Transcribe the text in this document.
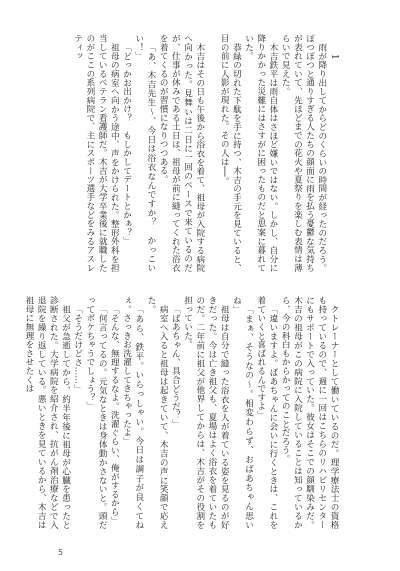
1

雨が降り出してからどのくらいの時間が経ったのだろう。ぽつぽつと通りすぎる人たちの顔面に雨を払う憂鬱な気持ちが表れていて、先ほどまでの花火や夏祭りを楽しむ表情は薄らいで見えた。

木吉鉄平は雨自体はさほど嫌いではない。しかし、自分に降りかかった災難にはさすがに困ったものだと思案に暮れていた。

恭緑の切れた下駄を手に持つ、木吉の手元を見ていると、目の前に人影が現れた。その人は──。

木吉はその日も午後から浴衣を着て、祖母が入院する病院へ向かった。見舞いは二日に一回のペースで来ているのだが、仕事が休みである土日は、祖母が前に縫ってくれた浴衣を着てくるのが習慣になりつつある。

「あ、木吉先生〜、今日は浴衣なんですか？　かっこいい！」

「どっかお出かけ？　もしかしてデートとかぁ？」

祖母の病室へ向かう途中、声をかけられた。整形外科を担当しているベテラン看護師だ。木吉が大学卒業後に就職したのがここの系列病院で、主にスポーツ選手などをみるアスレティッ

クトレーナーとして働いているのだ。理学療法士の資格も持っているので、週に一回はこちらのリハビリセンターにもサポートで入っていた。彼女はそこでの顔馴染みだ。木吉の祖母がこの病院に入院していることは知っているから、今の科白もからかってのことだろう。

「違いますよ。ばあちゃんに会いに行くときは、これを着ていくと喜ばれるんですよ」

「まぁ、そうなの〜。相変わらず、おばあちゃん思いね」

祖母は自分で縫った浴衣を人が着ている姿を見るのが好きだった。今は亡き祖父も、夏場はよく浴衣を着ていたものだ。二年前に祖父が他界してからは、木吉がその役割を担っていた。

「ばあちゃん、具合どうだ？」

病室へ入ると祖母は起きていて、木吉の声に笑顔で応えた。

「あら、鉄平。いらっしゃい。今日は調子が良くてねぇ。さっきお洗濯してきちゃったよ」

「そんな、無理するなよ。洗濯ぐらい、俺がするから」

「何言ってるの。元気なときは身体動かさないと。頭だってボケちゃうでしょう？」

「そうだけどさ……」

祖父が急逝してから、約半年後に祖母が心臓を患ったと診断された。大学病院を紹介され、抗がん剤治療などで入退院を繰り返している。悪いときを見ているから、木吉は祖母に無理をさせたくは

5
